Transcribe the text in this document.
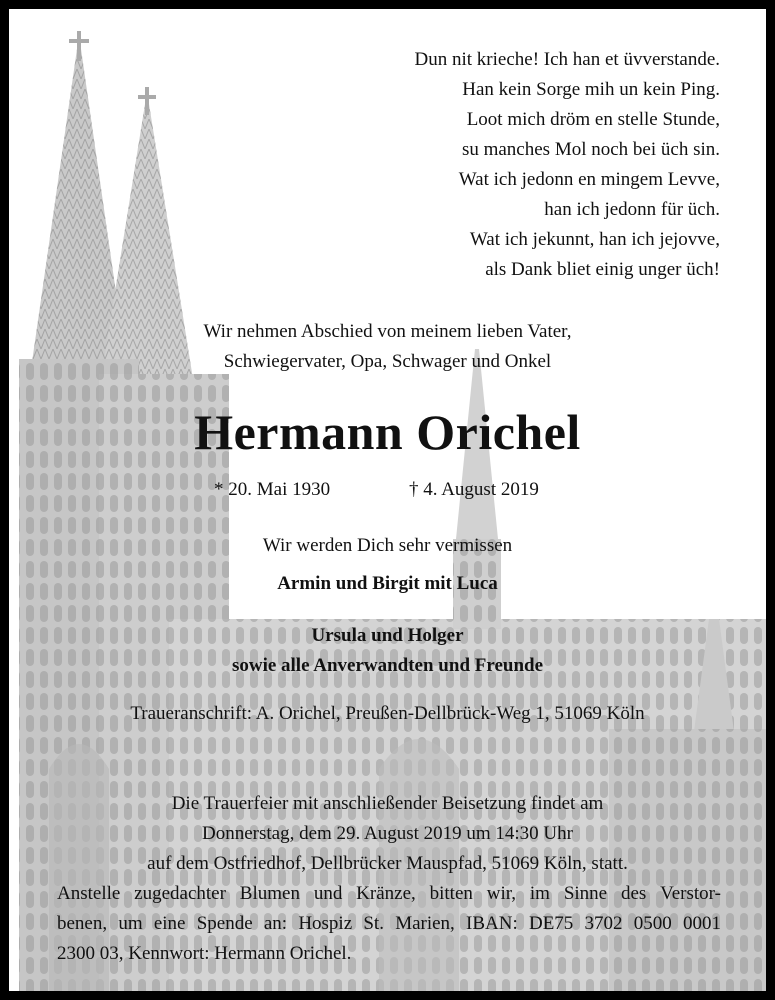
Dun nit krieche! Ich han et üvverstande.
Han kein Sorge mih un kein Ping.
Loot mich dröm en stelle Stunde,
su manches Mol noch bei üch sin.
Wat ich jedonn en mingem Levve,
han ich jedonn für üch.
Wat ich jekunnt, han ich jejovve,
als Dank bliet einig unger üch!
Wir nehmen Abschied von meinem lieben Vater,
Schwiegervater, Opa, Schwager und Onkel
Hermann Orichel
* 20. Mai 1930	† 4. August 2019
Wir werden Dich sehr vermissen
Armin und Birgit mit Luca
Ursula und Holger
sowie alle Anverwandten und Freunde
Traueranschrift: A. Orichel, Preußen-Dellbrück-Weg 1, 51069 Köln
Die Trauerfeier mit anschließender Beisetzung findet am
Donnerstag, dem 29. August 2019 um 14:30 Uhr
auf dem Ostfriedhof, Dellbrücker Mauspfad, 51069 Köln, statt.
Anstelle zugedachter Blumen und Kränze, bitten wir, im Sinne des Verstor-
benen, um eine Spende an: Hospiz St. Marien, IBAN: DE75 3702 0500 0001
2300 03, Kennwort: Hermann Orichel.
